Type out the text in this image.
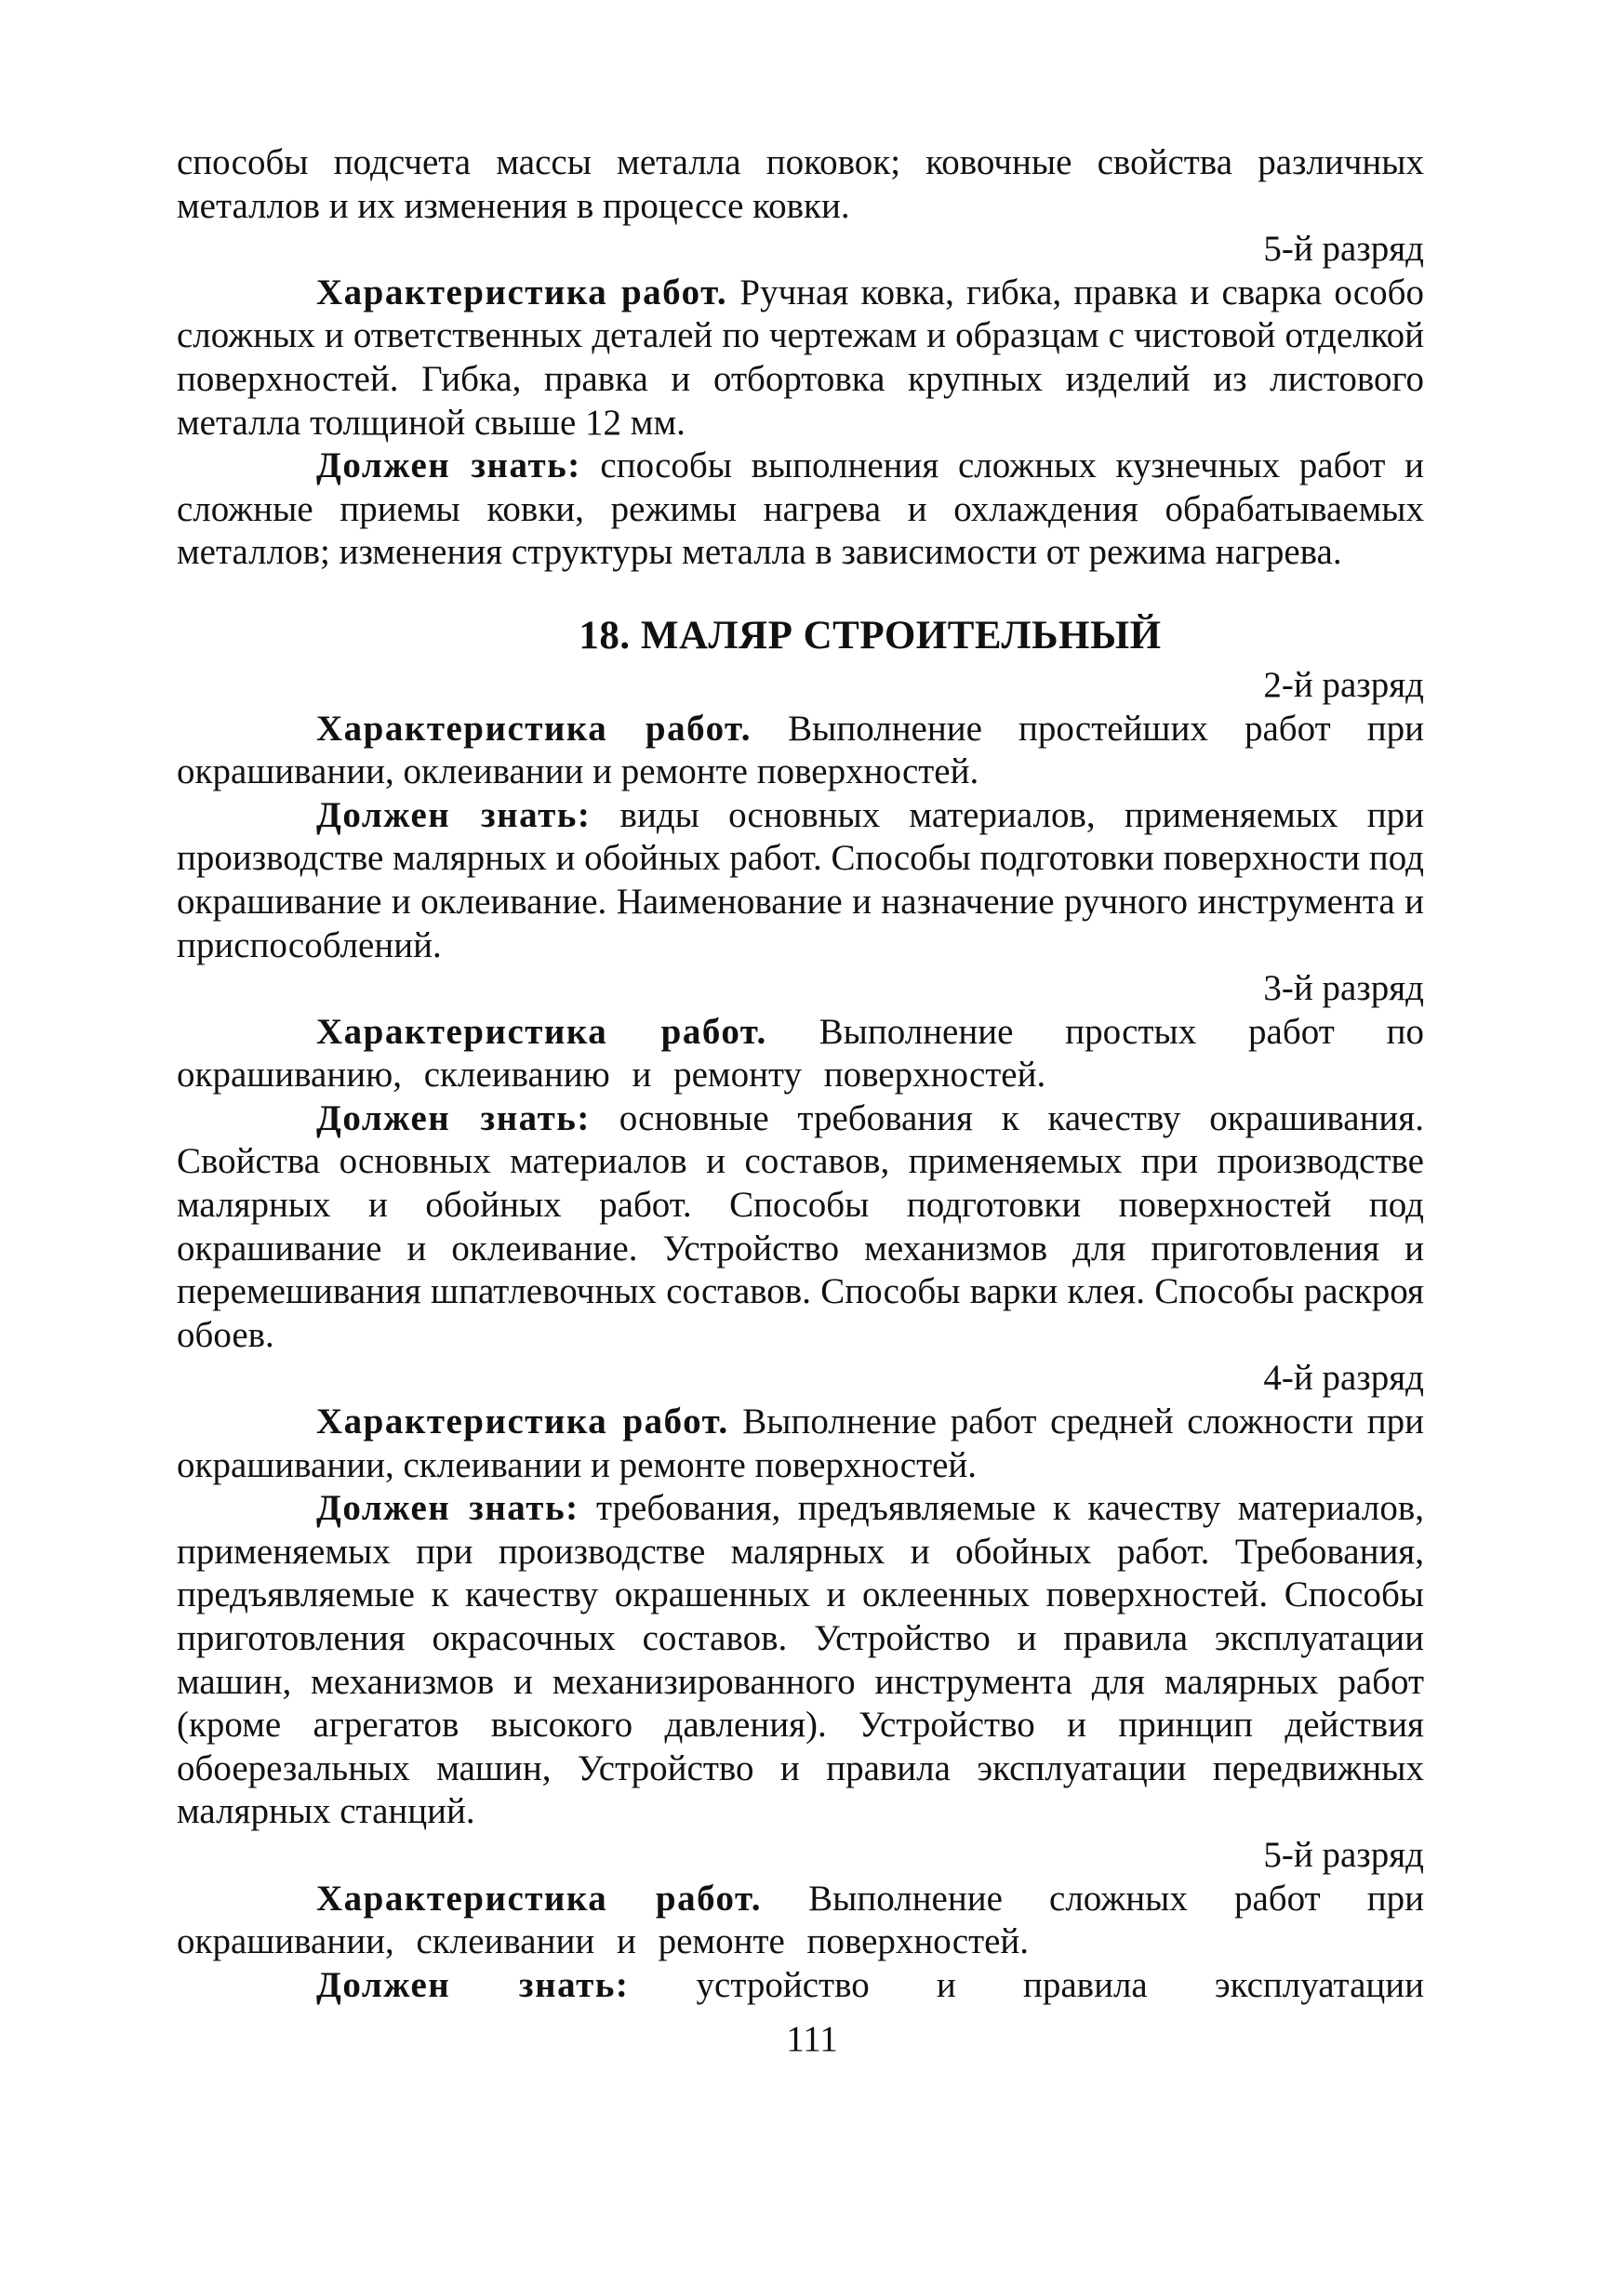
способы подсчета массы металла поковок; ковочные свойства различных металлов и их изменения в процессе ковки.

5-й разряд

Характеристика работ. Ручная ковка, гибка, правка и сварка особо сложных и ответственных деталей по чертежам и образцам с чистовой отделкой поверхностей. Гибка, правка и отбортовка крупных изделий из листового металла толщиной свыше 12 мм.

Должен знать: способы выполнения сложных кузнечных работ и сложные приемы ковки, режимы нагрева и охлаждения обрабатываемых металлов; изменения структуры металла в зависимости от режима нагрева.

18. МАЛЯР СТРОИТЕЛЬНЫЙ

2-й разряд

Характеристика работ. Выполнение простейших работ при окрашивании, оклеивании и ремонте поверхностей.

Должен знать: виды основных материалов, применяемых при производстве малярных и обойных работ. Способы подготовки поверхности под окрашивание и оклеивание. Наименование и назначение ручного инструмента и приспособлений.

3-й разряд

Характеристика работ. Выполнение простых работ по окрашиванию, склеиванию и ремонту поверхностей.

Должен знать: основные требования к качеству окрашивания. Свойства основных материалов и составов, применяемых при производстве малярных и обойных работ. Способы подготовки поверхностей под окрашивание и оклеивание. Устройство механизмов для приготовления и перемешивания шпатлевочных составов. Способы варки клея. Способы раскроя обоев.

4-й разряд

Характеристика работ. Выполнение работ средней сложности при окрашивании, склеивании и ремонте поверхностей.

Должен знать: требования, предъявляемые к качеству материалов, применяемых при производстве малярных и обойных работ. Требования, предъявляемые к качеству окрашенных и оклеенных поверхностей. Способы приготовления окрасочных составов. Устройство и правила эксплуатации машин, механизмов и механизированного инструмента для малярных работ (кроме агрегатов высокого давления). Устройство и принцип действия обоерезальных машин, Устройство и правила эксплуатации передвижных малярных станций.

5-й разряд

Характеристика работ. Выполнение сложных работ при окрашивании, склеивании и ремонте поверхностей.

Должен знать: устройство и правила эксплуатации

111
